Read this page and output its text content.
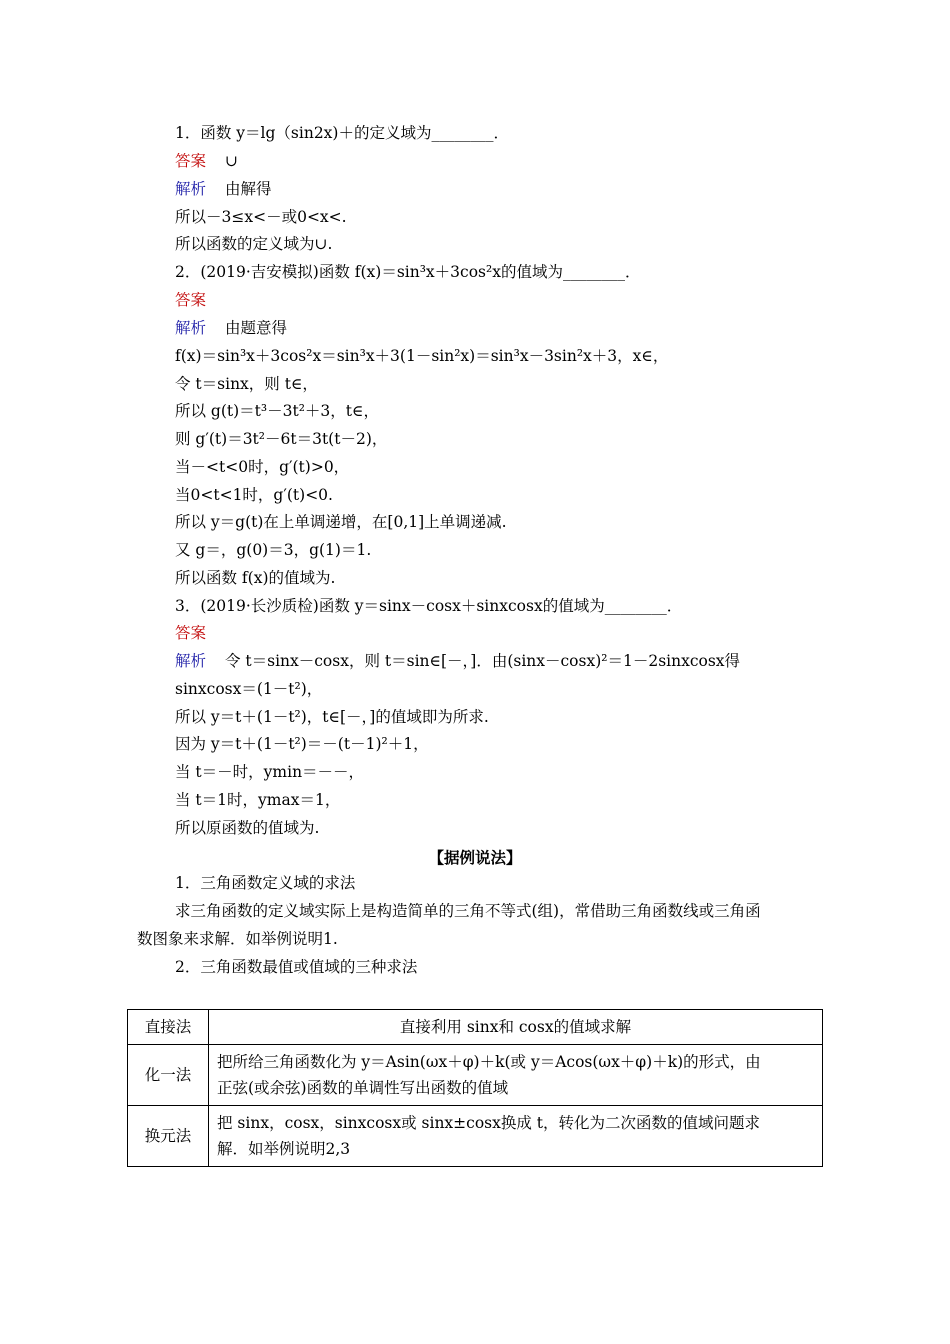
1．函数 y＝lg（sin2x)＋的定义域为________．
答案 ∪
解析 由解得
所以－3≤x<－或0<x<.
所以函数的定义域为∪.
2．(2019·吉安模拟)函数 f(x)＝sin³x＋3cos²x的值域为________．
答案
解析 由题意得
f(x)＝sin³x＋3cos²x＝sin³x＋3(1－sin²x)＝sin³x－3sin²x＋3，x∈，
令 t＝sinx，则 t∈，
所以 g(t)＝t³－3t²＋3，t∈，
则 g′(t)＝3t²－6t＝3t(t－2)，
当－<t<0时，g′(t)>0，
当0<t<1时，g′(t)<0.
所以 y＝g(t)在上单调递增，在[0,1]上单调递减.
又 g＝，g(0)＝3，g(1)＝1.
所以函数 f(x)的值域为.
3．(2019·长沙质检)函数 y＝sinx－cosx＋sinxcosx的值域为________．
答案
解析 令 t＝sinx－cosx，则 t＝sin∈[－，]．由(sinx－cosx)²＝1－2sinxcosx得
sinxcosx＝(1－t²)，
所以 y＝t＋(1－t²)，t∈[－，]的值域即为所求.
因为 y＝t＋(1－t²)＝－(t－1)²＋1，
当 t＝－时，ymin＝－－，
当 t＝1时，ymax＝1，
所以原函数的值域为.
【据例说法】
1．三角函数定义域的求法
求三角函数的定义域实际上是构造简单的三角不等式(组)，常借助三角函数线或三角函
数图象来求解．如举例说明1.
2．三角函数最值或值域的三种求法
直接法	直接利用 sinx和 cosx的值域求解
化一法	把所给三角函数化为 y＝Asin(ωx＋φ)＋k(或 y＝Acos(ωx＋φ)＋k)的形式，由
正弦(或余弦)函数的单调性写出函数的值域

换元法	把 sinx，cosx，sinxcosx或 sinx±cosx换成 t，转化为二次函数的值域问题求
解．如举例说明2,3
